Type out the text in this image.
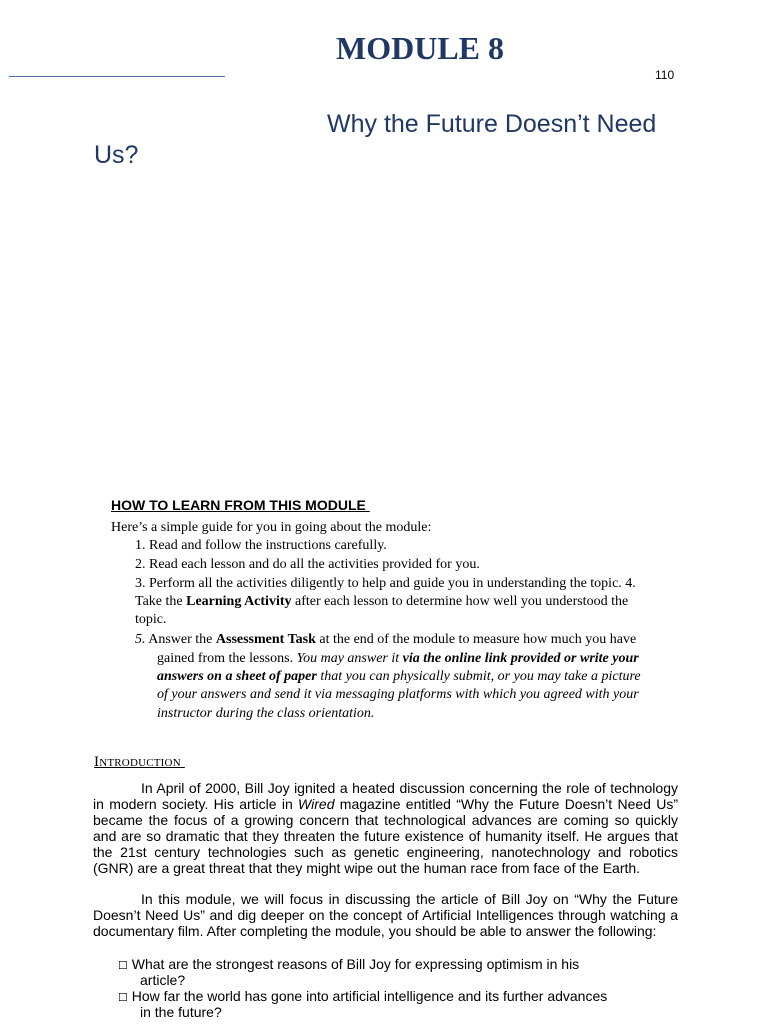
MODULE 8
110
Why the Future Doesn’t Need
Us?
HOW TO LEARN FROM THIS MODULE
Here’s a simple guide for you in going about the module:
1. Read and follow the instructions carefully.
2. Read each lesson and do all the activities provided for you.
3. Perform all the activities diligently to help and guide you in understanding the topic. 4.
Take the Learning Activity after each lesson to determine how well you understood the
topic.
5. Answer the Assessment Task at the end of the module to measure how much you have
gained from the lessons. You may answer it via the online link provided or write your
answers on a sheet of paper that you can physically submit, or you may take a picture
of your answers and send it via messaging platforms with which you agreed with your
instructor during the class orientation.
Introduction
In April of 2000, Bill Joy ignited a heated discussion concerning the role of technology in modern society. His article in Wired magazine entitled “Why the Future Doesn’t Need Us” became the focus of a growing concern that technological advances are coming so quickly and are so dramatic that they threaten the future existence of humanity itself. He argues that the 21st century technologies such as genetic engineering, nanotechnology and robotics (GNR) are a great threat that they might wipe out the human race from face of the Earth.
In this module, we will focus in discussing the article of Bill Joy on “Why the Future Doesn’t Need Us” and dig deeper on the concept of Artificial Intelligences through watching a documentary film. After completing the module, you should be able to answer the following:
☐ What are the strongest reasons of Bill Joy for expressing optimism in his
article?
☐ How far the world has gone into artificial intelligence and its further advances
in the future?
